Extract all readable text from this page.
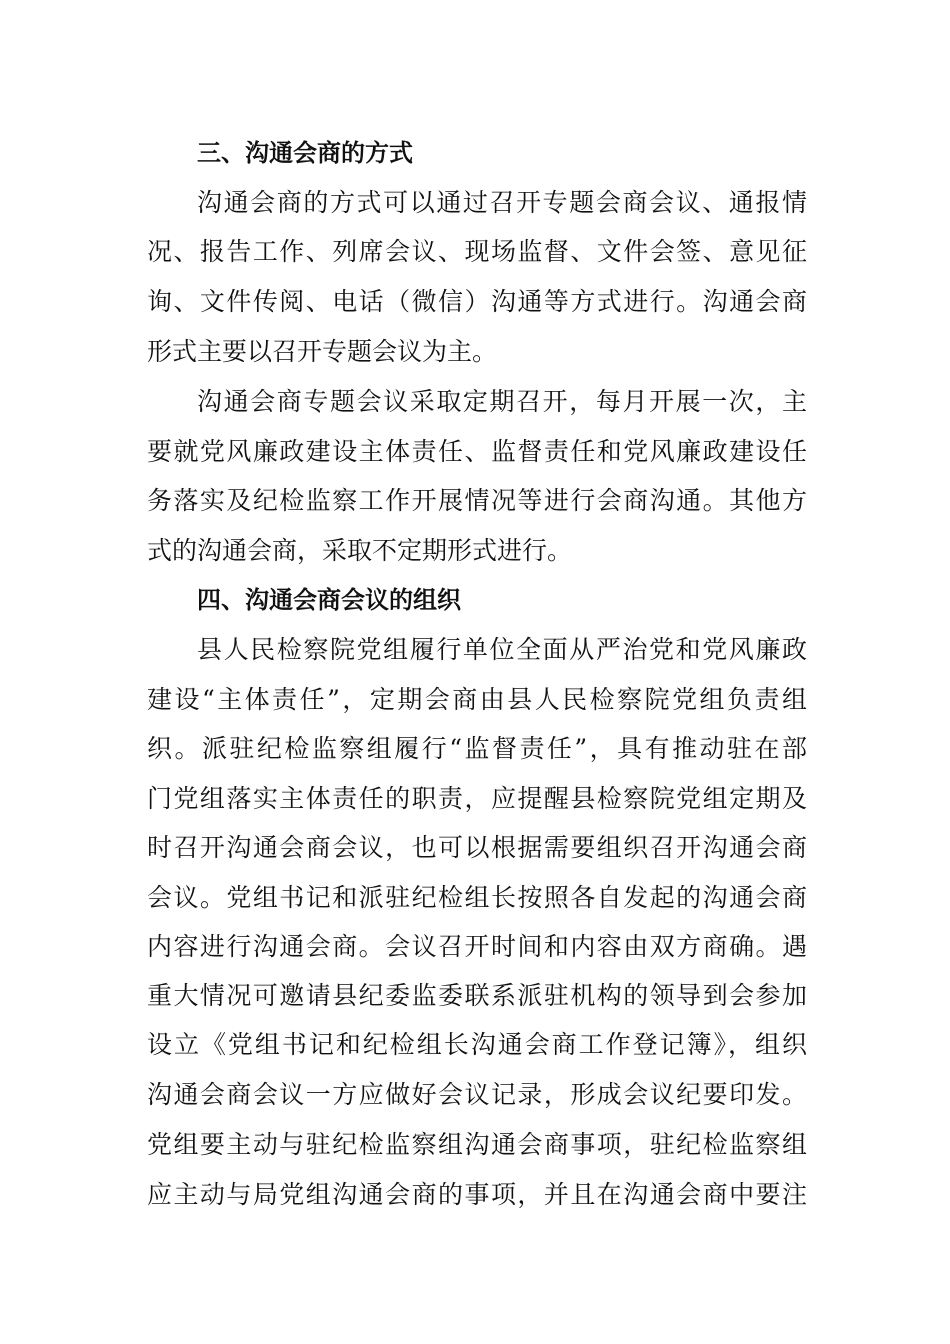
三、沟通会商的方式
沟通会商的方式可以通过召开专题会商会议、通报情
况、报告工作、列席会议、现场监督、文件会签、意见征
询、文件传阅、电话（微信）沟通等方式进行。沟通会商
形式主要以召开专题会议为主。
沟通会商专题会议采取定期召开，每月开展一次，主
要就党风廉政建设主体责任、监督责任和党风廉政建设任
务落实及纪检监察工作开展情况等进行会商沟通。其他方
式的沟通会商，采取不定期形式进行。
四、沟通会商会议的组织
县人民检察院党组履行单位全面从严治党和党风廉政
建设“主体责任”，定期会商由县人民检察院党组负责组
织。派驻纪检监察组履行“监督责任”，具有推动驻在部
门党组落实主体责任的职责，应提醒县检察院党组定期及
时召开沟通会商会议，也可以根据需要组织召开沟通会商
会议。党组书记和派驻纪检组长按照各自发起的沟通会商
内容进行沟通会商。会议召开时间和内容由双方商确。遇
重大情况可邀请县纪委监委联系派驻机构的领导到会参加
设立《党组书记和纪检组长沟通会商工作登记簿》，组织
沟通会商会议一方应做好会议记录，形成会议纪要印发。
党组要主动与驻纪检监察组沟通会商事项，驻纪检监察组
应主动与局党组沟通会商的事项，并且在沟通会商中要注
